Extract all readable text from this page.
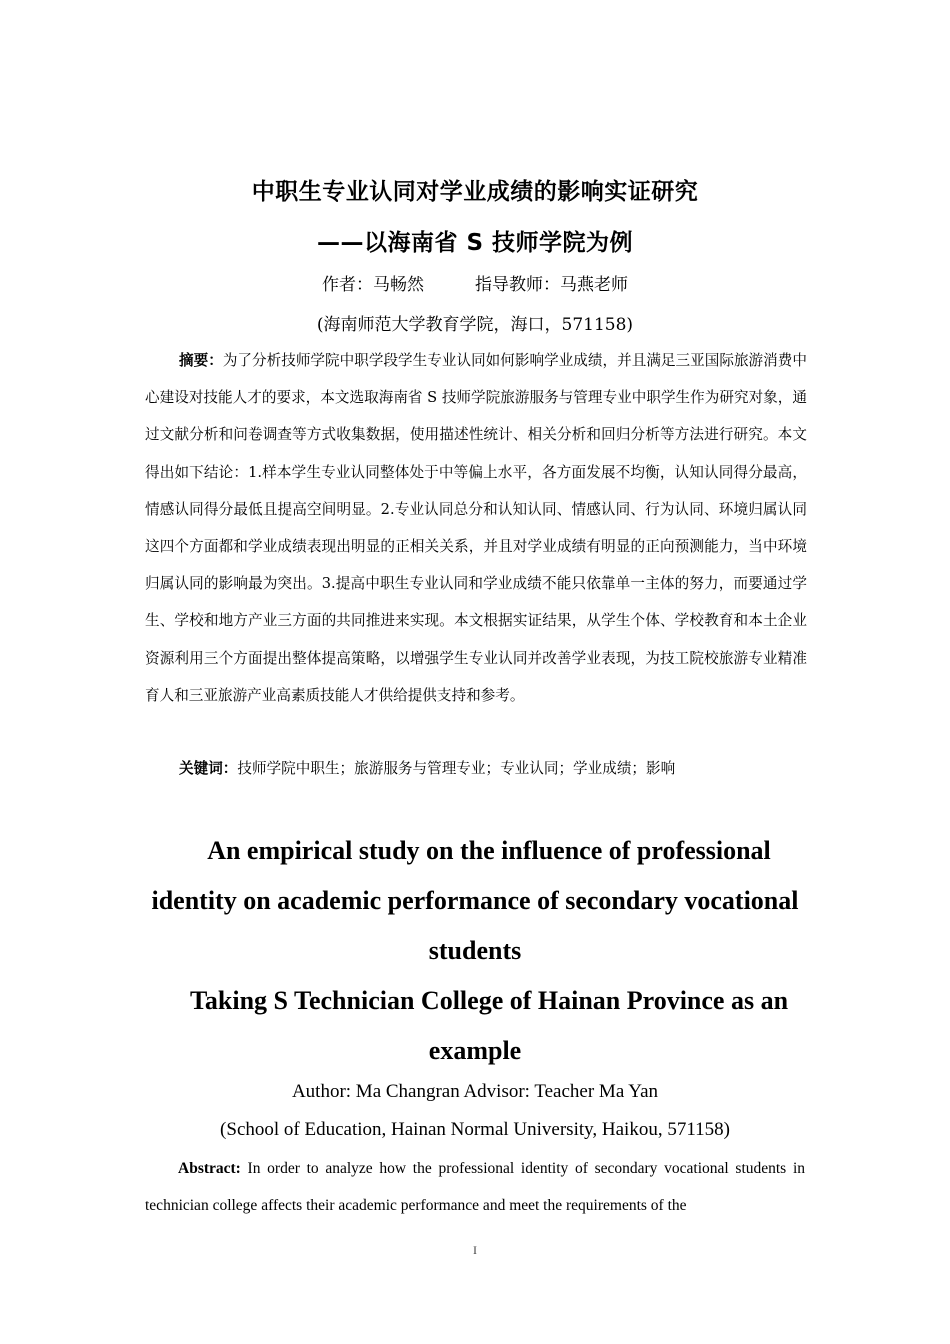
中职生专业认同对学业成绩的影响实证研究
——以海南省 S 技师学院为例
作者：马畅然　　　指导教师：马燕老师
(海南师范大学教育学院，海口，571158)
摘要：为了分析技师学院中职学段学生专业认同如何影响学业成绩，并且满足三亚国际旅游消费中心建设对技能人才的要求，本文选取海南省 S 技师学院旅游服务与管理专业中职学生作为研究对象，通过文献分析和问卷调查等方式收集数据，使用描述性统计、相关分析和回归分析等方法进行研究。本文得出如下结论：1.样本学生专业认同整体处于中等偏上水平，各方面发展不均衡，认知认同得分最高，情感认同得分最低且提高空间明显。2.专业认同总分和认知认同、情感认同、行为认同、环境归属认同这四个方面都和学业成绩表现出明显的正相关关系，并且对学业成绩有明显的正向预测能力，当中环境归属认同的影响最为突出。3.提高中职生专业认同和学业成绩不能只依靠单一主体的努力，而要通过学生、学校和地方产业三方面的共同推进来实现。本文根据实证结果，从学生个体、学校教育和本土企业资源利用三个方面提出整体提高策略，以增强学生专业认同并改善学业表现，为技工院校旅游专业精准育人和三亚旅游产业高素质技能人才供给提供支持和参考。
关键词：技师学院中职生；旅游服务与管理专业；专业认同；学业成绩；影响
An empirical study on the influence of professional
identity on academic performance of secondary vocational
students
Taking S Technician College of Hainan Province as an
example
Author: Ma Changran Advisor: Teacher Ma Yan
(School of Education, Hainan Normal University, Haikou, 571158)
Abstract: In order to analyze how the professional identity of secondary vocational students in technician college affects their academic performance and meet the requirements of the
I
